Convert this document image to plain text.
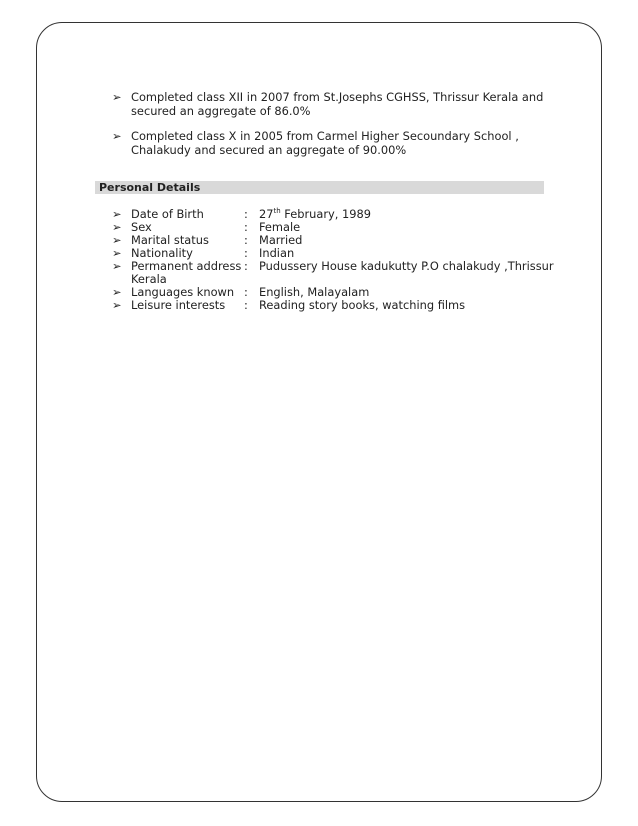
➢ Completed class XII in 2007 from St.Josephs CGHSS, Thrissur Kerala and
secured an aggregate of 86.0%
➢ Completed class X in 2005 from Carmel Higher Secoundary School ,
Chalakudy and secured an aggregate of 90.00%
Personal Details
➢ Date of Birth	: 27th February, 1989
➢ Sex	: Female
➢ Marital status	: Married
➢ Nationality	: Indian
➢ Permanent address : Pudussery House kadukutty P.O chalakudy ,Thrissur
Kerala
➢ Languages known : English, Malayalam
➢ Leisure interests : Reading story books, watching films
